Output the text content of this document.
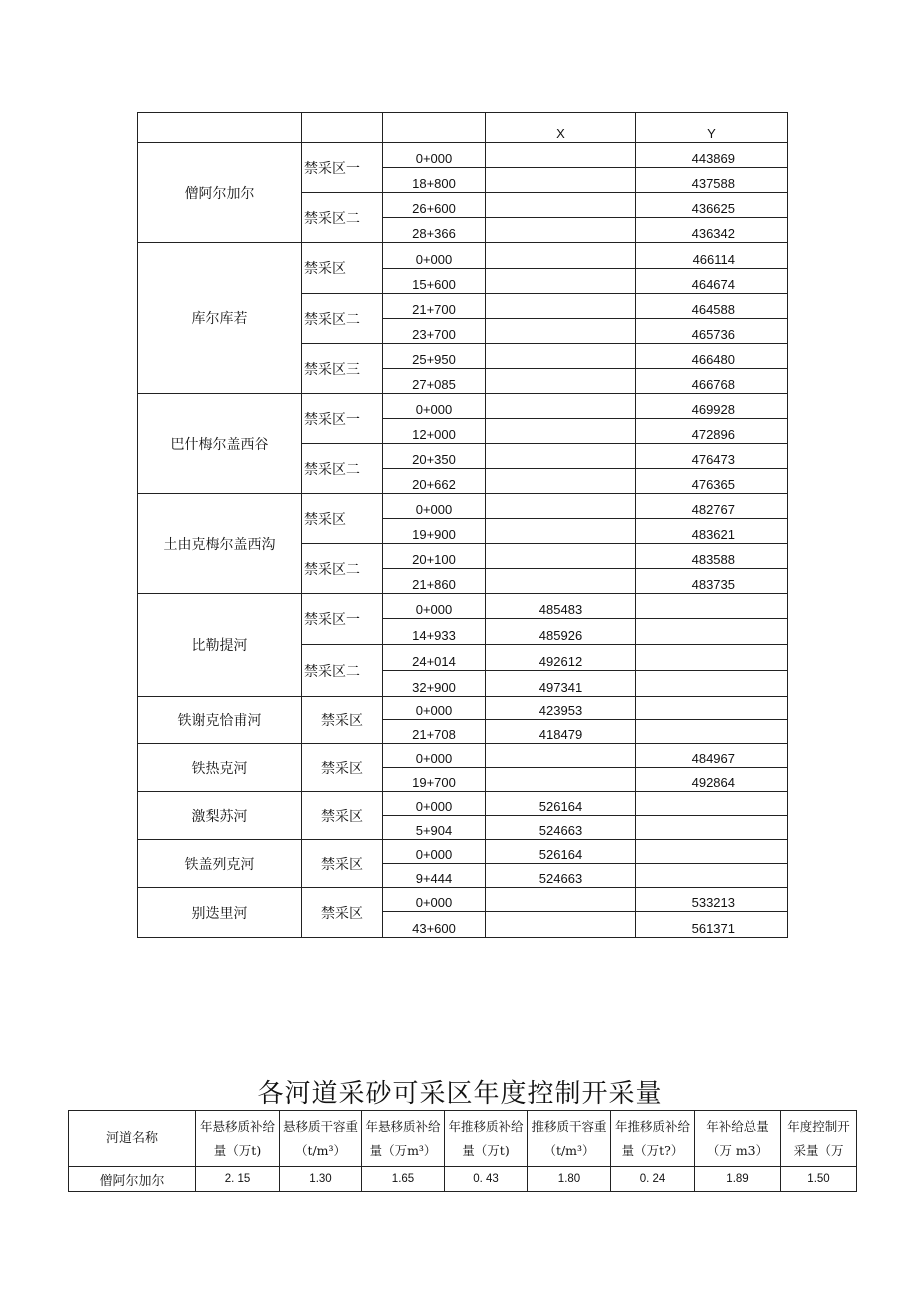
			X	Y
僧阿尔加尔	禁采区一	0+000		443869
		18+800		437588
	禁采区二	26+600		436625
		28+366		436342
库尔库若	禁采区	0+000		466114
		15+600		464674
	禁采区二	21+700		464588
		23+700		465736
	禁采区三	25+950		466480
		27+085		466768
巴什梅尔盖西谷	禁采区一	0+000		469928
		12+000		472896
	禁采区二	20+350		476473
		20+662		476365
土由克梅尔盖西沟	禁采区	0+000		482767
		19+900		483621
	禁采区二	20+100		483588
		21+860		483735
比勒提河	禁采区一	0+000	485483	
		14+933	485926	
	禁采区二	24+014	492612	
		32+900	497341	
铁谢克恰甫河	禁采区	0+000	423953	
		21+708	418479	
铁热克河	禁采区	0+000		484967
		19+700		492864
激梨苏河	禁采区	0+000	526164	
		5+904	524663	
铁盖列克河	禁采区	0+000	526164	
		9+444	524663	
别迭里河	禁采区	0+000		533213
		43+600		561371
各河道采砂可采区年度控制开采量
河道名称	年悬移质补给量（万t)	悬移质干容重（t/m³）	年悬移质补给量（万m³）	年推移质补给量（万t)	推移质干容重（t/m³）	年推移质补给量（万t?）	年补给总量（万 m3）	年度控制开采量（万

僧阿尔加尔	2. 15	1.30	1.65	0. 43	1.80	0. 24	1.89	1.50
